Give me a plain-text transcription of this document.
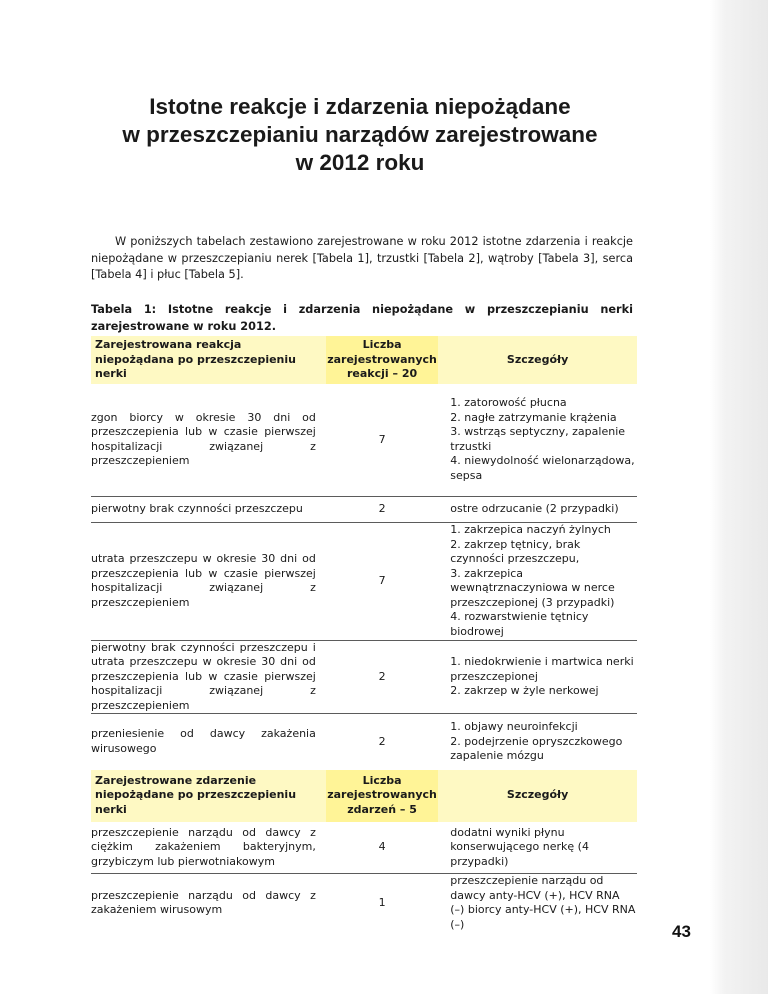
Istotne reakcje i zdarzenia niepożądane
w przeszczepianiu narządów zarejestrowane
w 2012 roku

W poniższych tabelach zestawiono zarejestrowane w roku 2012 istotne zdarzenia i reakcje niepożądane w przeszczepianiu nerek [Tabela 1], trzustki [Tabela 2], wątroby [Tabela 3], serca [Tabela 4] i płuc [Tabela 5].

Tabela 1: Istotne reakcje i zdarzenia niepożądane w przeszczepianiu nerki zarejestrowane w roku 2012.

Zarejestrowana reakcja niepożądana po przeszczepieniu nerki	Liczba
zarejestrowanych
reakcji – 20	Szczegóły
zgon biorcy w okresie 30 dni od przeszczepienia lub w czasie pierwszej hospitalizacji związanej z przeszczepieniem	7	1. zatorowość płucna
2. nagłe zatrzymanie krążenia
3. wstrząs septyczny, zapalenie trzustki
4. niewydolność wielonarządowa, sepsa

pierwotny brak czynności przeszczepu	2	ostre odrzucanie (2 przypadki)

utrata przeszczepu w okresie 30 dni od przeszczepienia lub w czasie pierwszej hospitalizacji związanej z przeszczepieniem	7	1. zakrzepica naczyń żylnych
2. zakrzep tętnicy, brak czynności przeszczepu,
3. zakrzepica wewnątrznaczyniowa w nerce przeszczepionej (3 przypadki)
4. rozwarstwienie tętnicy biodrowej

pierwotny brak czynności przeszczepu i utrata przeszczepu w okresie 30 dni od przeszczepienia lub w czasie pierwszej hospitalizacji związanej z przeszczepieniem	2	1. niedokrwienie i martwica nerki przeszczepionej
2. zakrzep w żyle nerkowej

przeniesienie od dawcy zakażenia wirusowego	2	1. objawy neuroinfekcji
2. podejrzenie opryszczkowego zapalenie mózgu

Zarejestrowane zdarzenie niepożądane po przeszczepieniu nerki	Liczba
zarejestrowanych
zdarzeń – 5	Szczegóły
przeszczepienie narządu od dawcy z ciężkim zakażeniem bakteryjnym, grzybiczym lub pierwotniakowym	4	dodatni wyniki płynu konserwującego nerkę (4 przypadki)

przeszczepienie narządu od dawcy z zakażeniem wirusowym	1	przeszczepienie narządu od dawcy anty-HCV (+), HCV RNA (–) biorcy anty-HCV (+), HCV RNA (–)	43
